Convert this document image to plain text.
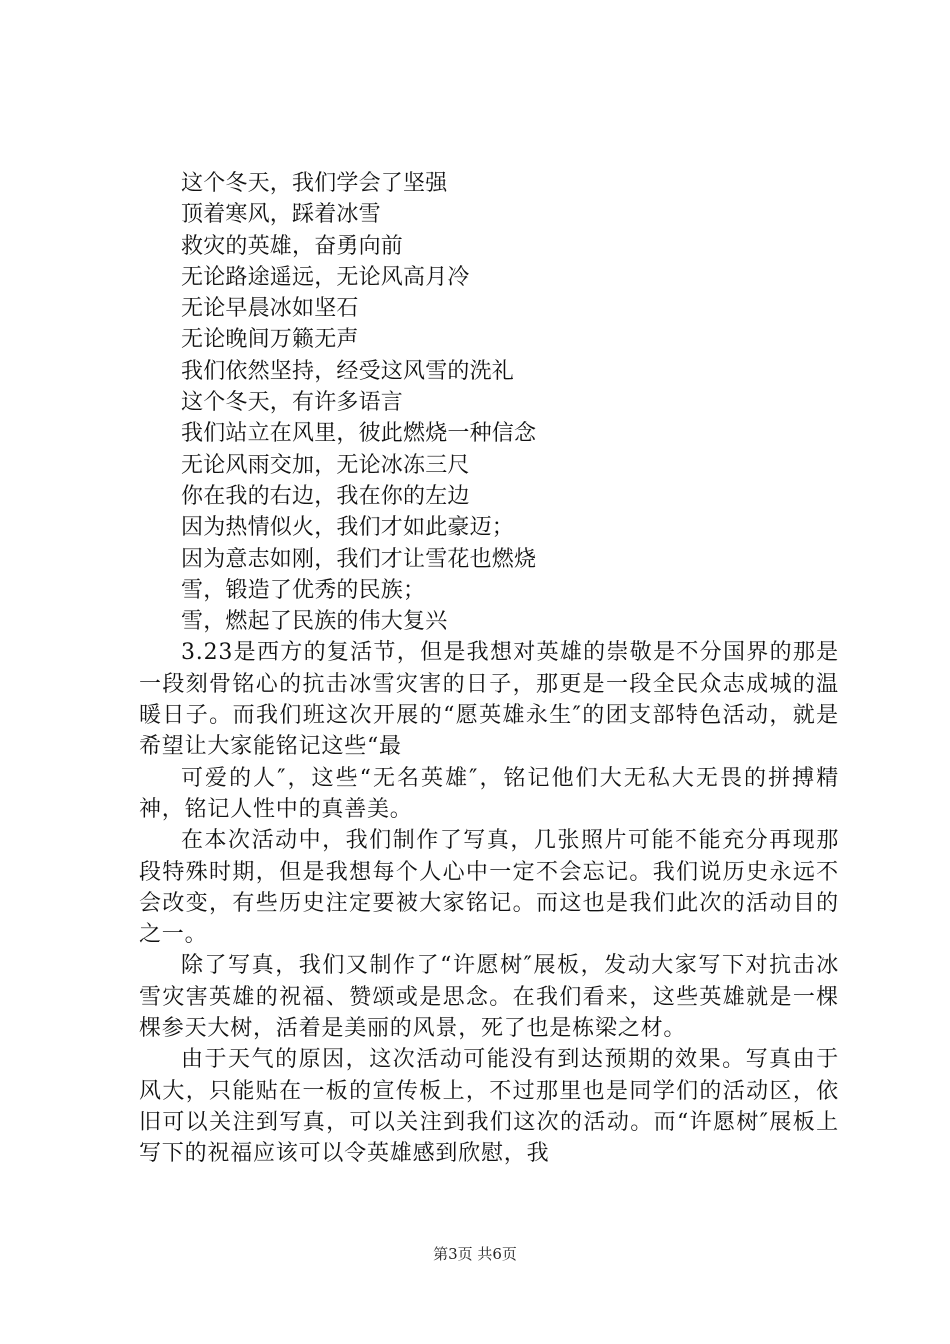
这个冬天，我们学会了坚强
顶着寒风，踩着冰雪
救灾的英雄，奋勇向前
无论路途遥远，无论风高月冷
无论早晨冰如坚石
无论晚间万籁无声
我们依然坚持，经受这风雪的洗礼
这个冬天，有许多语言
我们站立在风里，彼此燃烧一种信念
无论风雨交加，无论冰冻三尺
你在我的右边，我在你的左边
因为热情似火，我们才如此豪迈；
因为意志如刚，我们才让雪花也燃烧
雪，锻造了优秀的民族；
雪，燃起了民族的伟大复兴

3.23是西方的复活节，但是我想对英雄的崇敬是不分国界的那是一段刻骨铭心的抗击冰雪灾害的日子，那更是一段全民众志成城的温暖日子。而我们班这次开展的“愿英雄永生″的团支部特色活动，就是希望让大家能铭记这些“最

可爱的人″，这些“无名英雄″，铭记他们大无私大无畏的拼搏精神，铭记人性中的真善美。

在本次活动中，我们制作了写真，几张照片可能不能充分再现那段特殊时期，但是我想每个人心中一定不会忘记。我们说历史永远不会改变，有些历史注定要被大家铭记。而这也是我们此次的活动目的之一。

除了写真，我们又制作了“许愿树″展板，发动大家写下对抗击冰雪灾害英雄的祝福、赞颂或是思念。在我们看来，这些英雄就是一棵棵参天大树，活着是美丽的风景，死了也是栋梁之材。

由于天气的原因，这次活动可能没有到达预期的效果。写真由于风大，只能贴在一板的宣传板上，不过那里也是同学们的活动区，依旧可以关注到写真，可以关注到我们这次的活动。而“许愿树″展板上写下的祝福应该可以令英雄感到欣慰，我

第3页 共6页
